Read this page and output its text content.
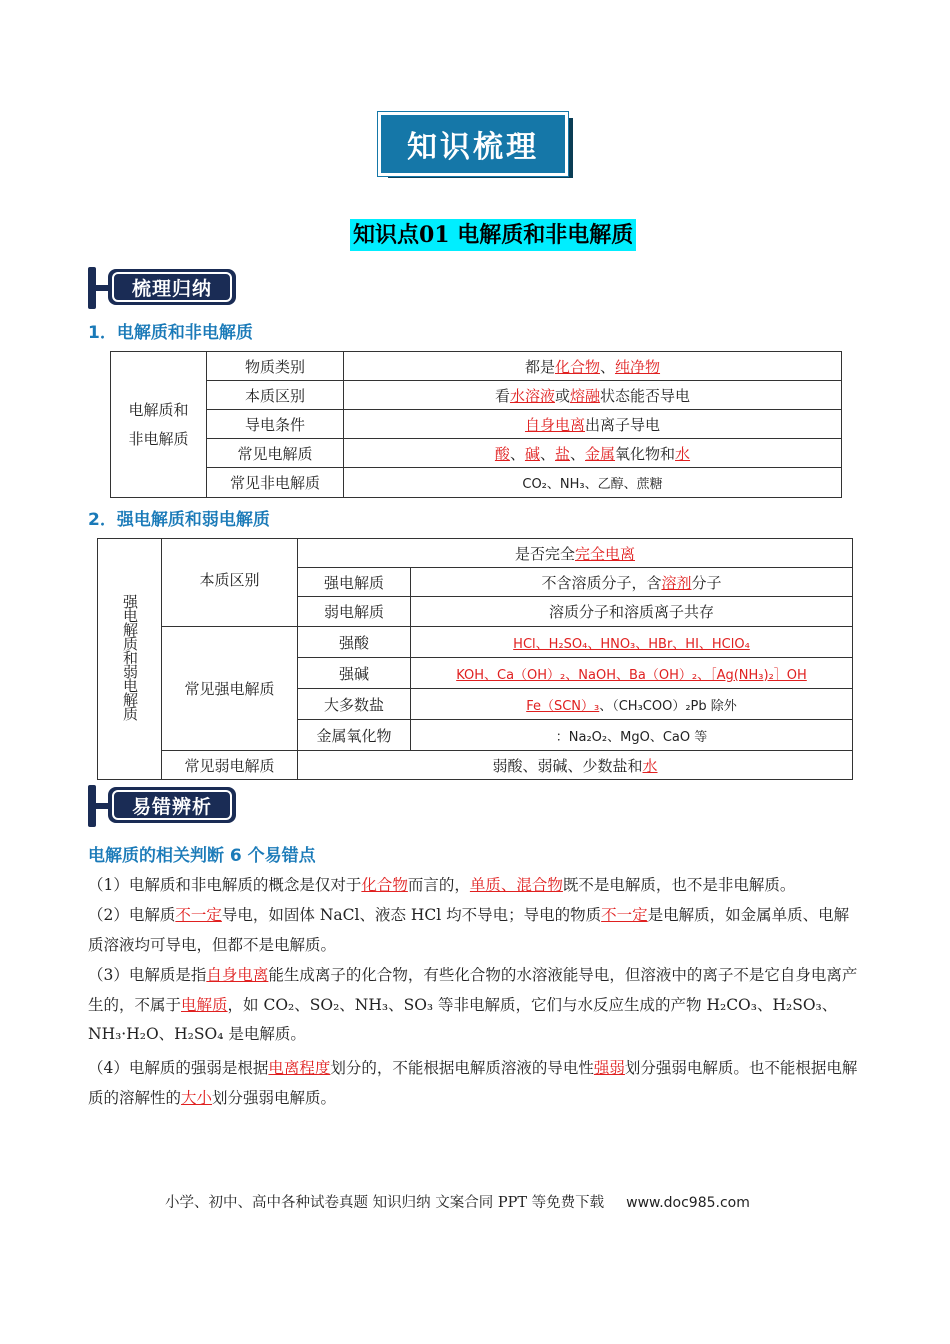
知识梳理
知识点01 电解质和非电解质
梳理归纳
1．电解质和非电解质
电解质和
非电解质	物质类别	都是化合物、纯净物
	本质区别	看水溶液或熔融状态能否导电
	导电条件	自身电离出离子导电
	常见电解质	酸、碱、盐、金属氧化物和水
	常见非电解质	CO₂、NH₃、乙醇、蔗糖
2．强电解质和弱电解质
强电解质和弱电解质	本质区别	是否完全完全电离	
		强电解质	不含溶质分子，含溶剂分子
		弱电解质	溶质分子和溶质离子共存
	常见强电解质	强酸	HCl、H₂SO₄、HNO₃、HBr、HI、HClO₄
		强碱	KOH、Ca（OH）₂、NaOH、Ba（OH）₂、［Ag(NH₃)₂］OH
		大多数盐	Fe（SCN）₃、（CH₃COO）₂Pb 除外
		金属氧化物	：Na₂O₂、MgO、CaO 等
	常见弱电解质	弱酸、弱碱、少数盐和水	
易错辨析
电解质的相关判断 6 个易错点
（1）电解质和非电解质的概念是仅对于化合物而言的，单质、混合物既不是电解质，也不是非电解质。
（2）电解质不一定导电，如固体 NaCl、液态 HCl 均不导电；导电的物质不一定是电解质，如金属单质、电解质溶液均可导电，但都不是电解质。
（3）电解质是指自身电离能生成离子的化合物，有些化合物的水溶液能导电，但溶液中的离子不是它自身电离产生的，不属于电解质，如 CO₂、SO₂、NH₃、SO₃ 等非电解质，它们与水反应生成的产物 H₂CO₃、H₂SO₃、NH₃·H₂O、H₂SO₄ 是电解质。
（4）电解质的强弱是根据电离程度划分的，不能根据电解质溶液的导电性强弱划分强弱电解质。也不能根据电解质的溶解性的大小划分强弱电解质。
小学、初中、高中各种试卷真题 知识归纳 文案合同 PPT 等免费下载 www.doc985.com
